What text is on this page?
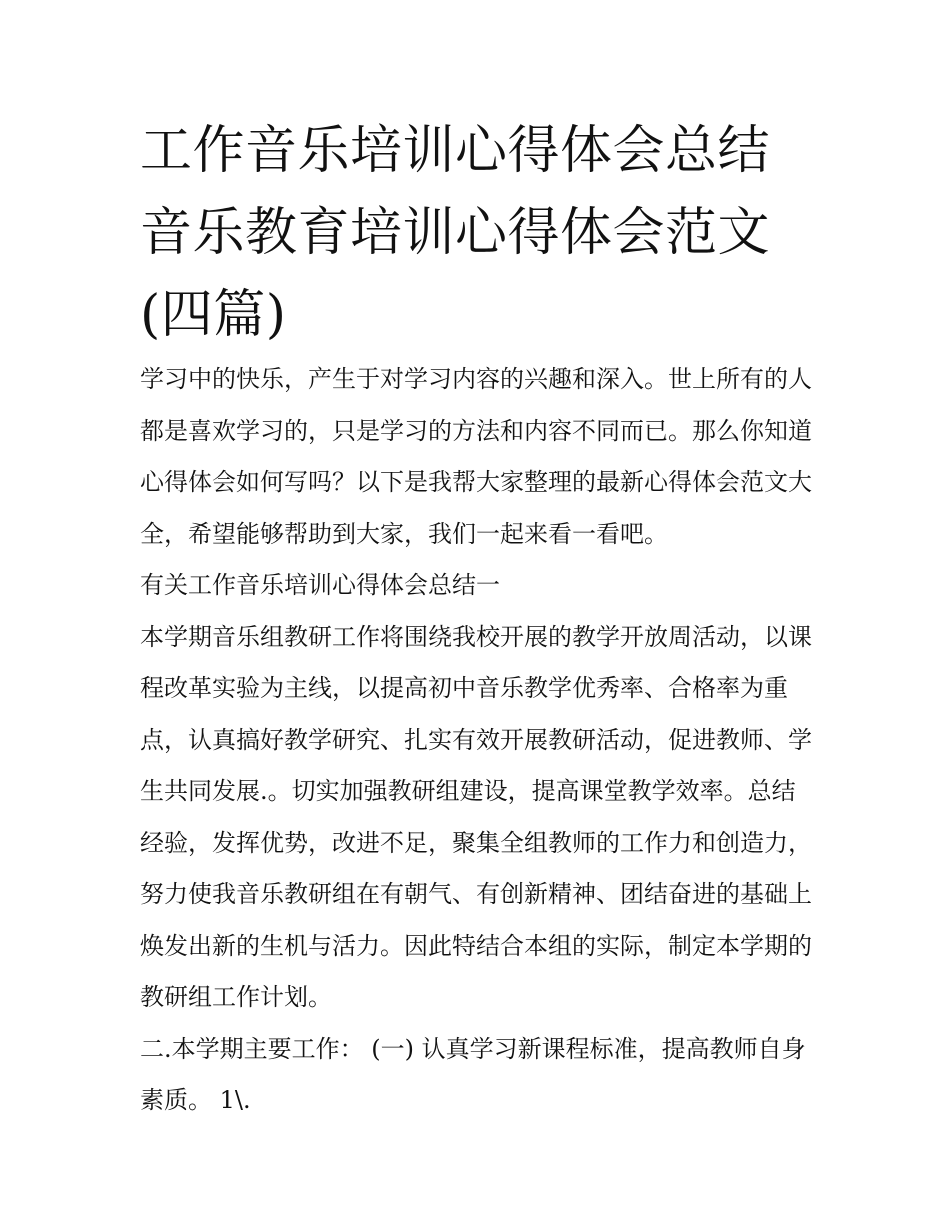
工作音乐培训心得体会总结 音乐教育培训心得体会范文(四篇)

学习中的快乐，产生于对学习内容的兴趣和深入。世上所有的人都是喜欢学习的，只是学习的方法和内容不同而已。那么你知道心得体会如何写吗？以下是我帮大家整理的最新心得体会范文大全，希望能够帮助到大家，我们一起来看一看吧。

有关工作音乐培训心得体会总结一

本学期音乐组教研工作将围绕我校开展的教学开放周活动，以课程改革实验为主线，以提高初中音乐教学优秀率、合格率为重点，认真搞好教学研究、扎实有效开展教研活动，促进教师、学生共同发展.。切实加强教研组建设，提高课堂教学效率。总结经验，发挥优势，改进不足，聚集全组教师的工作力和创造力，努力使我音乐教研组在有朝气、有创新精神、团结奋进的基础上焕发出新的生机与活力。因此特结合本组的实际，制定本学期的教研组工作计划。

二.本学期主要工作： (一) 认真学习新课程标准，提高教师自身素质。 1\.
